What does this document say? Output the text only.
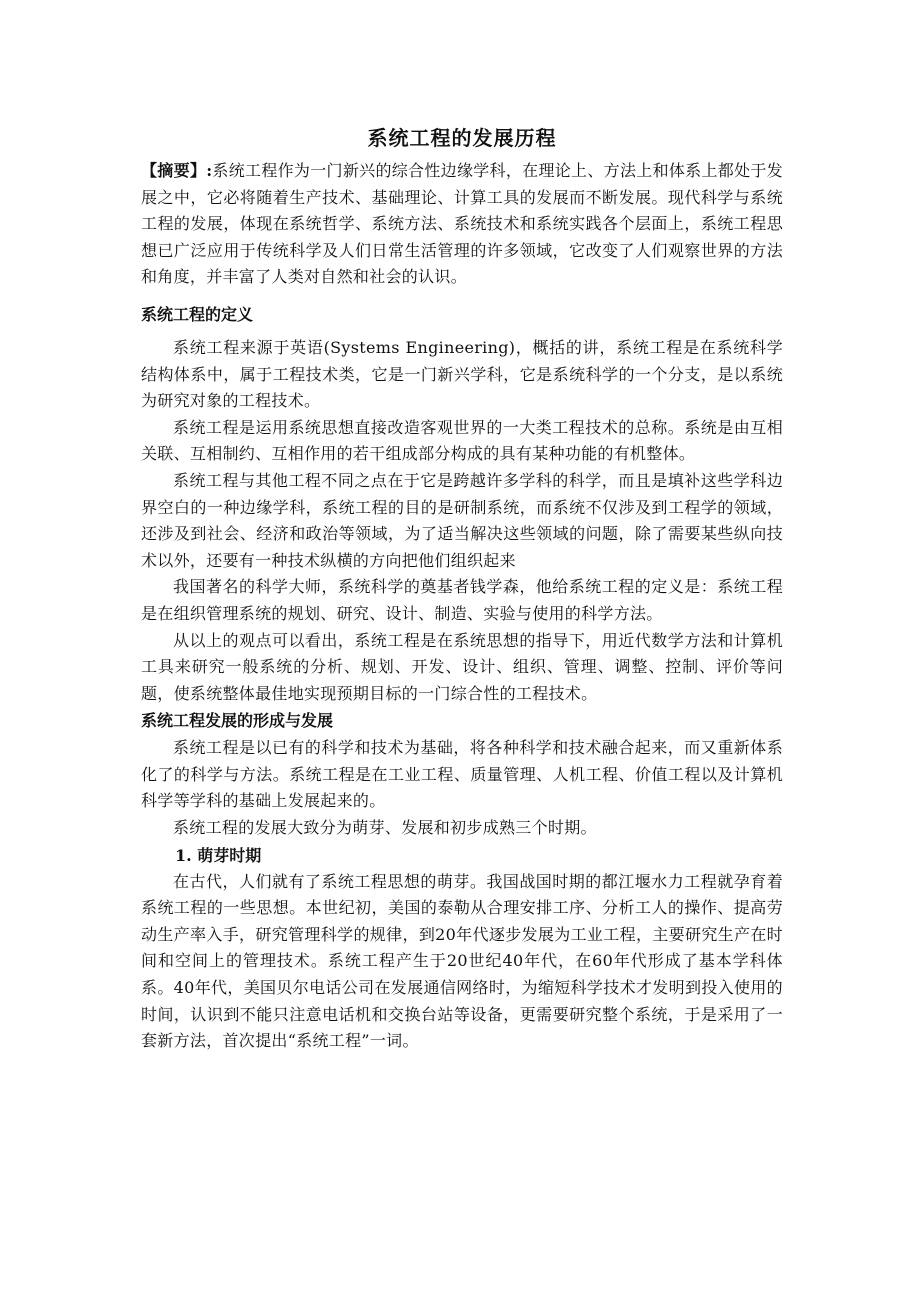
系统工程的发展历程

【摘要】:系统工程作为一门新兴的综合性边缘学科，在理论上、方法上和体系上都处于发展之中，它必将随着生产技术、基础理论、计算工具的发展而不断发展。现代科学与系统工程的发展，体现在系统哲学、系统方法、系统技术和系统实践各个层面上，系统工程思想已广泛应用于传统科学及人们日常生活管理的许多领域，它改变了人们观察世界的方法和角度，并丰富了人类对自然和社会的认识。

系统工程的定义

系统工程来源于英语(Systems Engineering)，概括的讲，系统工程是在系统科学结构体系中，属于工程技术类，它是一门新兴学科，它是系统科学的一个分支，是以系统为研究对象的工程技术。

系统工程是运用系统思想直接改造客观世界的一大类工程技术的总称。系统是由互相关联、互相制约、互相作用的若干组成部分构成的具有某种功能的有机整体。

系统工程与其他工程不同之点在于它是跨越许多学科的科学，而且是填补这些学科边界空白的一种边缘学科，系统工程的目的是研制系统，而系统不仅涉及到工程学的领域，还涉及到社会、经济和政治等领域，为了适当解决这些领域的问题，除了需要某些纵向技术以外，还要有一种技术纵横的方向把他们组织起来

我国著名的科学大师，系统科学的奠基者钱学森，他给系统工程的定义是：系统工程是在组织管理系统的规划、研究、设计、制造、实验与使用的科学方法。

从以上的观点可以看出，系统工程是在系统思想的指导下，用近代数学方法和计算机工具来研究一般系统的分析、规划、开发、设计、组织、管理、调整、控制、评价等问题，使系统整体最佳地实现预期目标的一门综合性的工程技术。

系统工程发展的形成与发展

系统工程是以已有的科学和技术为基础，将各种科学和技术融合起来，而又重新体系化了的科学与方法。系统工程是在工业工程、质量管理、人机工程、价值工程以及计算机科学等学科的基础上发展起来的。

系统工程的发展大致分为萌芽、发展和初步成熟三个时期。

1. 萌芽时期

在古代，人们就有了系统工程思想的萌芽。我国战国时期的都江堰水力工程就孕育着系统工程的一些思想。本世纪初，美国的泰勒从合理安排工序、分析工人的操作、提高劳动生产率入手，研究管理科学的规律，到20年代逐步发展为工业工程，主要研究生产在时间和空间上的管理技术。系统工程产生于20世纪40年代，在60年代形成了基本学科体系。40年代，美国贝尔电话公司在发展通信网络时，为缩短科学技术才发明到投入使用的时间，认识到不能只注意电话机和交换台站等设备，更需要研究整个系统，于是采用了一套新方法，首次提出“系统工程”一词。
